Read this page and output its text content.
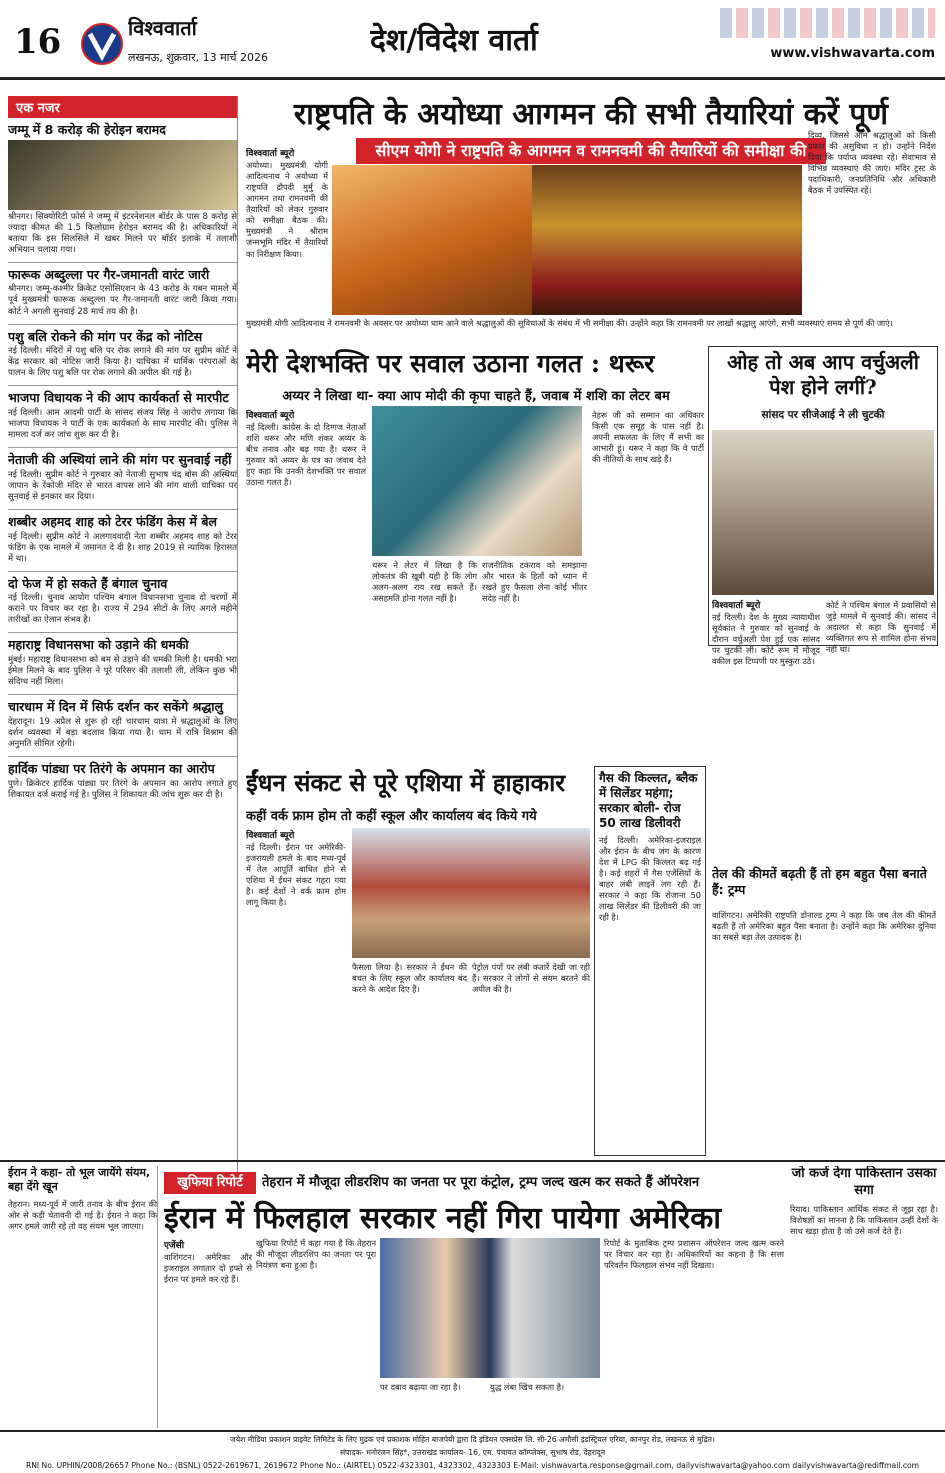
16	विश्ववार्ता
लखनऊ, शुक्रवार, 13 मार्च 2026	देश/विदेश वार्ता	www.vishwavarta.com
एक नजर
जम्मू में 8 करोड़ की हेरोइन बरामद

श्रीनगर। सिक्योरिटी फोर्स ने जम्मू में इंटरनेशनल बॉर्डर के पास 8 करोड़ से ज्यादा कीमत की 1.5 किलोग्राम हेरोइन बरामद की है। अधिकारियों ने बताया कि इस सिलसिले में खबर मिलने पर बॉर्डर इलाके में तलाशी अभियान चलाया गया।

फारूक अब्दुल्ला पर गैर-जमानती वारंट जारी

श्रीनगर। जम्मू-कश्मीर क्रिकेट एसोसिएशन के 43 करोड़ के गबन मामले में पूर्व मुख्यमंत्री फारूक अब्दुल्ला पर गैर-जमानती वारंट जारी किया गया। कोर्ट ने अगली सुनवाई 28 मार्च तय की है।

पशु बलि रोकने की मांग पर केंद्र को नोटिस

नई दिल्ली। मंदिरों में पशु बलि पर रोक लगाने की मांग पर सुप्रीम कोर्ट ने केंद्र सरकार को नोटिस जारी किया है। याचिका में धार्मिक परंपराओं के पालन के लिए पशु बलि पर रोक लगाने की अपील की गई है।

भाजपा विधायक ने की आप कार्यकर्ता से मारपीट

नई दिल्ली। आम आदमी पार्टी के सांसद संजय सिंह ने आरोप लगाया कि भाजपा विधायक ने पार्टी के एक कार्यकर्ता के साथ मारपीट की। पुलिस ने मामला दर्ज कर जांच शुरू कर दी है।

नेताजी की अस्थियां लाने की मांग पर सुनवाई नहीं

नई दिल्ली। सुप्रीम कोर्ट ने गुरुवार को नेताजी सुभाष चंद्र बोस की अस्थियां जापान के रेंकोजी मंदिर से भारत वापस लाने की मांग वाली याचिका पर सुनवाई से इनकार कर दिया।

शब्बीर अहमद शाह को टेरर फंडिंग केस में बेल

नई दिल्ली। सुप्रीम कोर्ट ने अलगाववादी नेता शब्बीर अहमद शाह को टेरर फंडिंग के एक मामले में जमानत दे दी है। शाह 2019 से न्यायिक हिरासत में था।

दो फेज में हो सकते हैं बंगाल चुनाव

नई दिल्ली। चुनाव आयोग पश्चिम बंगाल विधानसभा चुनाव दो चरणों में कराने पर विचार कर रहा है। राज्य में 294 सीटों के लिए अगले महीने तारीखों का ऐलान संभव है।

महाराष्ट्र विधानसभा को उड़ाने की धमकी

मुंबई। महाराष्ट्र विधानसभा को बम से उड़ाने की धमकी मिली है। धमकी भरा ईमेल मिलने के बाद पुलिस ने पूरे परिसर की तलाशी ली, लेकिन कुछ भी संदिग्ध नहीं मिला।

चारधाम में दिन में सिर्फ दर्शन कर सकेंगे श्रद्धालु

देहरादून। 19 अप्रैल से शुरू हो रही चारधाम यात्रा में श्रद्धालुओं के लिए दर्शन व्यवस्था में बड़ा बदलाव किया गया है। धाम में रात्रि विश्राम की अनुमति सीमित रहेगी।

हार्दिक पांड्या पर तिरंगे के अपमान का आरोप

पुणे। क्रिकेटर हार्दिक पांड्या पर तिरंगे के अपमान का आरोप लगाते हुए शिकायत दर्ज कराई गई है। पुलिस ने शिकायत की जांच शुरू कर दी है।

राष्ट्रपति के अयोध्या आगमन की सभी तैयारियां करें पूर्ण
सीएम योगी ने राष्ट्रपति के आगमन व रामनवमी की तैयारियों की समीक्षा की
विश्ववार्ता ब्यूरो
अयोध्या। मुख्यमंत्री योगी आदित्यनाथ ने अयोध्या में राष्ट्रपति द्रौपदी मुर्मु के आगमन तथा रामनवमी की तैयारियों को लेकर गुरुवार को समीक्षा बैठक की। मुख्यमंत्री ने श्रीराम जन्मभूमि मंदिर में तैयारियों का निरीक्षण किया।
दिव्य, जिससे आम श्रद्धालुओं को किसी प्रकार की असुविधा न हो। उन्होंने निर्देश दिया कि पर्याप्त व्यवस्था रहे। सेवाभाव से विभिन्न व्यवस्थाएं की जाएं। मंदिर ट्रस्ट के पदाधिकारी, जनप्रतिनिधि और अधिकारी बैठक में उपस्थित रहे।
मुख्यमंत्री योगी आदित्यनाथ ने रामनवमी के अवसर पर अयोध्या धाम आने वाले श्रद्धालुओं की सुविधाओं के संबंध में भी समीक्षा की। उन्होंने कहा कि रामनवमी पर लाखों श्रद्धालु आएंगे, सभी व्यवस्थाएं समय से पूर्ण की जाएं।
मेरी देशभक्ति पर सवाल उठाना गलत : थरूर
अय्यर ने लिखा था- क्या आप मोदी की कृपा चाहते हैं, जवाब में शशि का लेटर बम
विश्ववार्ता ब्यूरो
नई दिल्ली। कांग्रेस के दो दिग्गज नेताओं शशि थरूर और मणि शंकर अय्यर के बीच तनाव और बढ़ गया है। थरूर ने गुरुवार को अय्यर के पत्र का जवाब देते हुए कहा कि उनकी देशभक्ति पर सवाल उठाना गलत है।
थरूर ने लेटर में लिखा है कि लोकतंत्र की खूबी यही है कि लोग अलग-अलग राय रख सकते हैं। असहमति होना गलत नहीं है।
राजनीतिक टकराव को समझाना और भारत के हितों को ध्यान में रखते हुए फैसला लेना कोई भीतर संदेह नहीं है।
नेहरू जी को सम्मान का अधिकार किसी एक समूह के पास नहीं है। अपनी सफलता के लिए मैं सभी का आभारी हूं। थरूर ने कहा कि वे पार्टी की नीतियों के साथ खड़े हैं।
ओह तो अब आप वर्चुअली पेश होने लगीं?
सांसद पर सीजेआई ने ली चुटकी
विश्ववार्ता ब्यूरो
नई दिल्ली। देश के मुख्य न्यायाधीश सूर्यकांत ने गुरुवार को सुनवाई के दौरान वर्चुअली पेश हुईं एक सांसद पर चुटकी ली। कोर्ट रूम में मौजूद वकील इस टिप्पणी पर मुस्कुरा उठे।
कोर्ट ने पश्चिम बंगाल में प्रवासियों से जुड़े मामले में सुनवाई की। सांसद ने अदालत से कहा कि सुनवाई में व्यक्तिगत रूप से शामिल होना संभव नहीं था।
ईंधन संकट से पूरे एशिया में हाहाकार
कहीं वर्क फ्राम होम तो कहीं स्कूल और कार्यालय बंद किये गये
विश्ववार्ता ब्यूरो
नई दिल्ली। ईरान पर अमेरिकी-इजरायली हमले के बाद मध्य-पूर्व में तेल आपूर्ति बाधित होने से एशिया में ईंधन संकट गहरा गया है। कई देशों ने वर्क फ्राम होम लागू किया है।
फैसला लिया है। सरकार ने ईंधन की बचत के लिए स्कूल और कार्यालय बंद करने के आदेश दिए हैं।
पेट्रोल पंपों पर लंबी कतारें देखी जा रही हैं। सरकार ने लोगों से संयम बरतने की अपील की है।
गैस की किल्लत, ब्लैक में सिलेंडर महंगा; सरकार बोली- रोज 50 लाख डिलीवरी
नई दिल्ली। अमेरिका-इजराइल और ईरान के बीच जंग के कारण देश में LPG की किल्लत बढ़ गई है। कई शहरों में गैस एजेंसियों के बाहर लंबी लाइनें लग रही हैं। सरकार ने कहा कि रोजाना 50 लाख सिलेंडर की डिलीवरी की जा रही है।
तेल की कीमतें बढ़ती हैं तो हम बहुत पैसा बनाते हैं: ट्रम्प
वाशिंगटन। अमेरिकी राष्ट्रपति डोनाल्ड ट्रम्प ने कहा कि जब तेल की कीमतें बढ़ती हैं तो अमेरिका बहुत पैसा बनाता है। उन्होंने कहा कि अमेरिका दुनिया का सबसे बड़ा तेल उत्पादक है।
ईरान ने कहा- तो भूल जायेंगे संयम, बहा देंगे खून
तेहरान। मध्य-पूर्व में जारी तनाव के बीच ईरान की ओर से कड़ी चेतावनी दी गई है। ईरान ने कहा कि अगर हमले जारी रहे तो वह संयम भूल जाएगा।
खुफिया रिपोर्ट	तेहरान में मौजूदा लीडरशिप का जनता पर पूरा कंट्रोल, ट्रम्प जल्द खत्म कर सकते हैं ऑपरेशन
ईरान में फिलहाल सरकार नहीं गिरा पायेगा अमेरिका
एजेंसी
वाशिंगटन। अमेरिका और इजराइल लगातार दो हफ्ते से ईरान पर हमले कर रहे हैं।
खुफिया रिपोर्ट में कहा गया है कि तेहरान की मौजूदा लीडरशिप का जनता पर पूरा नियंत्रण बना हुआ है।
पर दबाव बढ़ाया जा रहा है।	युद्ध लंबा खिंच सकता है।
रिपोर्ट के मुताबिक ट्रम्प प्रशासन ऑपरेशन जल्द खत्म करने पर विचार कर रहा है। अधिकारियों का कहना है कि सत्ता परिवर्तन फिलहाल संभव नहीं दिखता।
जो कर्ज देगा पाकिस्तान उसका सगा
रियाद। पाकिस्तान आर्थिक संकट से जूझ रहा है। विशेषज्ञों का मानना है कि पाकिस्तान उन्हीं देशों के साथ खड़ा होता है जो उसे कर्ज देते हैं।

जयेश मीडिया प्रकाशन प्राइवेट लिमिटेड के लिए मुद्रक एवं प्रकाशक मोहित बाजपेयी द्वारा दि इंडियन एक्सप्रेस लि. सी-26 अमौसी इंडस्ट्रियल एरिया, कानपुर रोड, लखनऊ से मुद्रित।

संपादक- मनोरंजन सिंह*, उत्तराखंड कार्यालय- 16, एम. पंचायत कॉम्प्लेक्स, सुभाष रोड, देहरादून

RNI No. UPHIN/2008/26657 Phone No.: (BSNL) 0522-2619671, 2619672 Phone No.: (AIRTEL) 0522-4323301, 4323302, 4323303 E-Mail: vishwavarta.response@gmail.com, dailyvishwavarta@yahoo.com dailyvishwavarta@rediffmail.com
